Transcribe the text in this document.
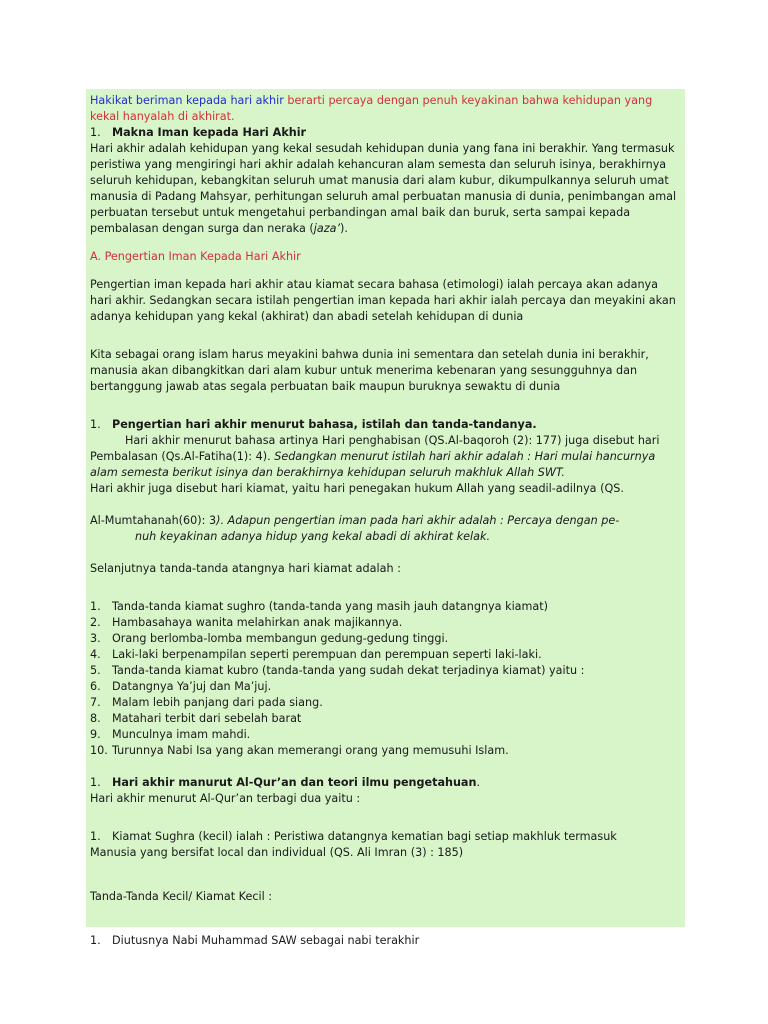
Hakikat beriman kepada hari akhir berarti percaya dengan penuh keyakinan bahwa kehidupan yang kekal hanyalah di akhirat.

1. Makna Iman kepada Hari Akhir

Hari akhir adalah kehidupan yang kekal sesudah kehidupan dunia yang fana ini berakhir. Yang termasuk peristiwa yang mengiringi hari akhir adalah kehancuran alam semesta dan seluruh isinya, berakhirnya seluruh kehidupan, kebangkitan seluruh umat manusia dari alam kubur, dikumpulkannya seluruh umat manusia di Padang Mahsyar, perhitungan seluruh amal perbuatan manusia di dunia, penimbangan amal perbuatan tersebut untuk mengetahui perbandingan amal baik dan buruk, serta sampai kepada pembalasan dengan surga dan neraka (jaza’).

A. Pengertian Iman Kepada Hari Akhir

Pengertian iman kepada hari akhir atau kiamat secara bahasa (etimologi) ialah percaya akan adanya hari akhir. Sedangkan secara istilah pengertian iman kepada hari akhir ialah percaya dan meyakini akan adanya kehidupan yang kekal (akhirat) dan abadi setelah kehidupan di dunia

Kita sebagai orang islam harus meyakini bahwa dunia ini sementara dan setelah dunia ini berakhir, manusia akan dibangkitkan dari alam kubur untuk menerima kebenaran yang sesungguhnya dan bertanggung jawab atas segala perbuatan baik maupun buruknya sewaktu di dunia

1. Pengertian hari akhir menurut bahasa, istilah dan tanda-tandanya.

Hari akhir menurut bahasa artinya Hari penghabisan (QS.Al-baqoroh (2): 177) juga disebut hari

Pembalasan (Qs.Al-Fatiha(1): 4). Sedangkan menurut istilah hari akhir adalah : Hari mulai hancurnya alam semesta berikut isinya dan berakhirnya kehidupan seluruh makhluk Allah SWT.

Hari akhir juga disebut hari kiamat, yaitu hari penegakan hukum Allah yang seadil-adilnya (QS.

Al-Mumtahanah(60): 3). Adapun pengertian iman pada hari akhir adalah : Percaya dengan pe-

nuh keyakinan adanya hidup yang kekal abadi di akhirat kelak.

Selanjutnya tanda-tanda atangnya hari kiamat adalah :

1. Tanda-tanda kiamat sughro (tanda-tanda yang masih jauh datangnya kiamat)
2. Hambasahaya wanita melahirkan anak majikannya.
3. Orang berlomba-lomba membangun gedung-gedung tinggi.
4. Laki-laki berpenampilan seperti perempuan dan perempuan seperti laki-laki.
5. Tanda-tanda kiamat kubro (tanda-tanda yang sudah dekat terjadinya kiamat) yaitu :
6. Datangnya Ya’juj dan Ma’juj.
7. Malam lebih panjang dari pada siang.
8. Matahari terbit dari sebelah barat
9. Munculnya imam mahdi.
10. Turunnya Nabi Isa yang akan memerangi orang yang memusuhi Islam.

1. Hari akhir manurut Al-Qur’an dan teori ilmu pengetahuan.

Hari akhir menurut Al-Qur’an terbagi dua yaitu :

1. Kiamat Sughra (kecil) ialah : Peristiwa datangnya kematian bagi setiap makhluk termasuk

Manusia yang bersifat local dan individual (QS. Ali Imran (3) : 185)

Tanda-Tanda Kecil/ Kiamat Kecil :

1. Diutusnya Nabi Muhammad SAW sebagai nabi terakhir
